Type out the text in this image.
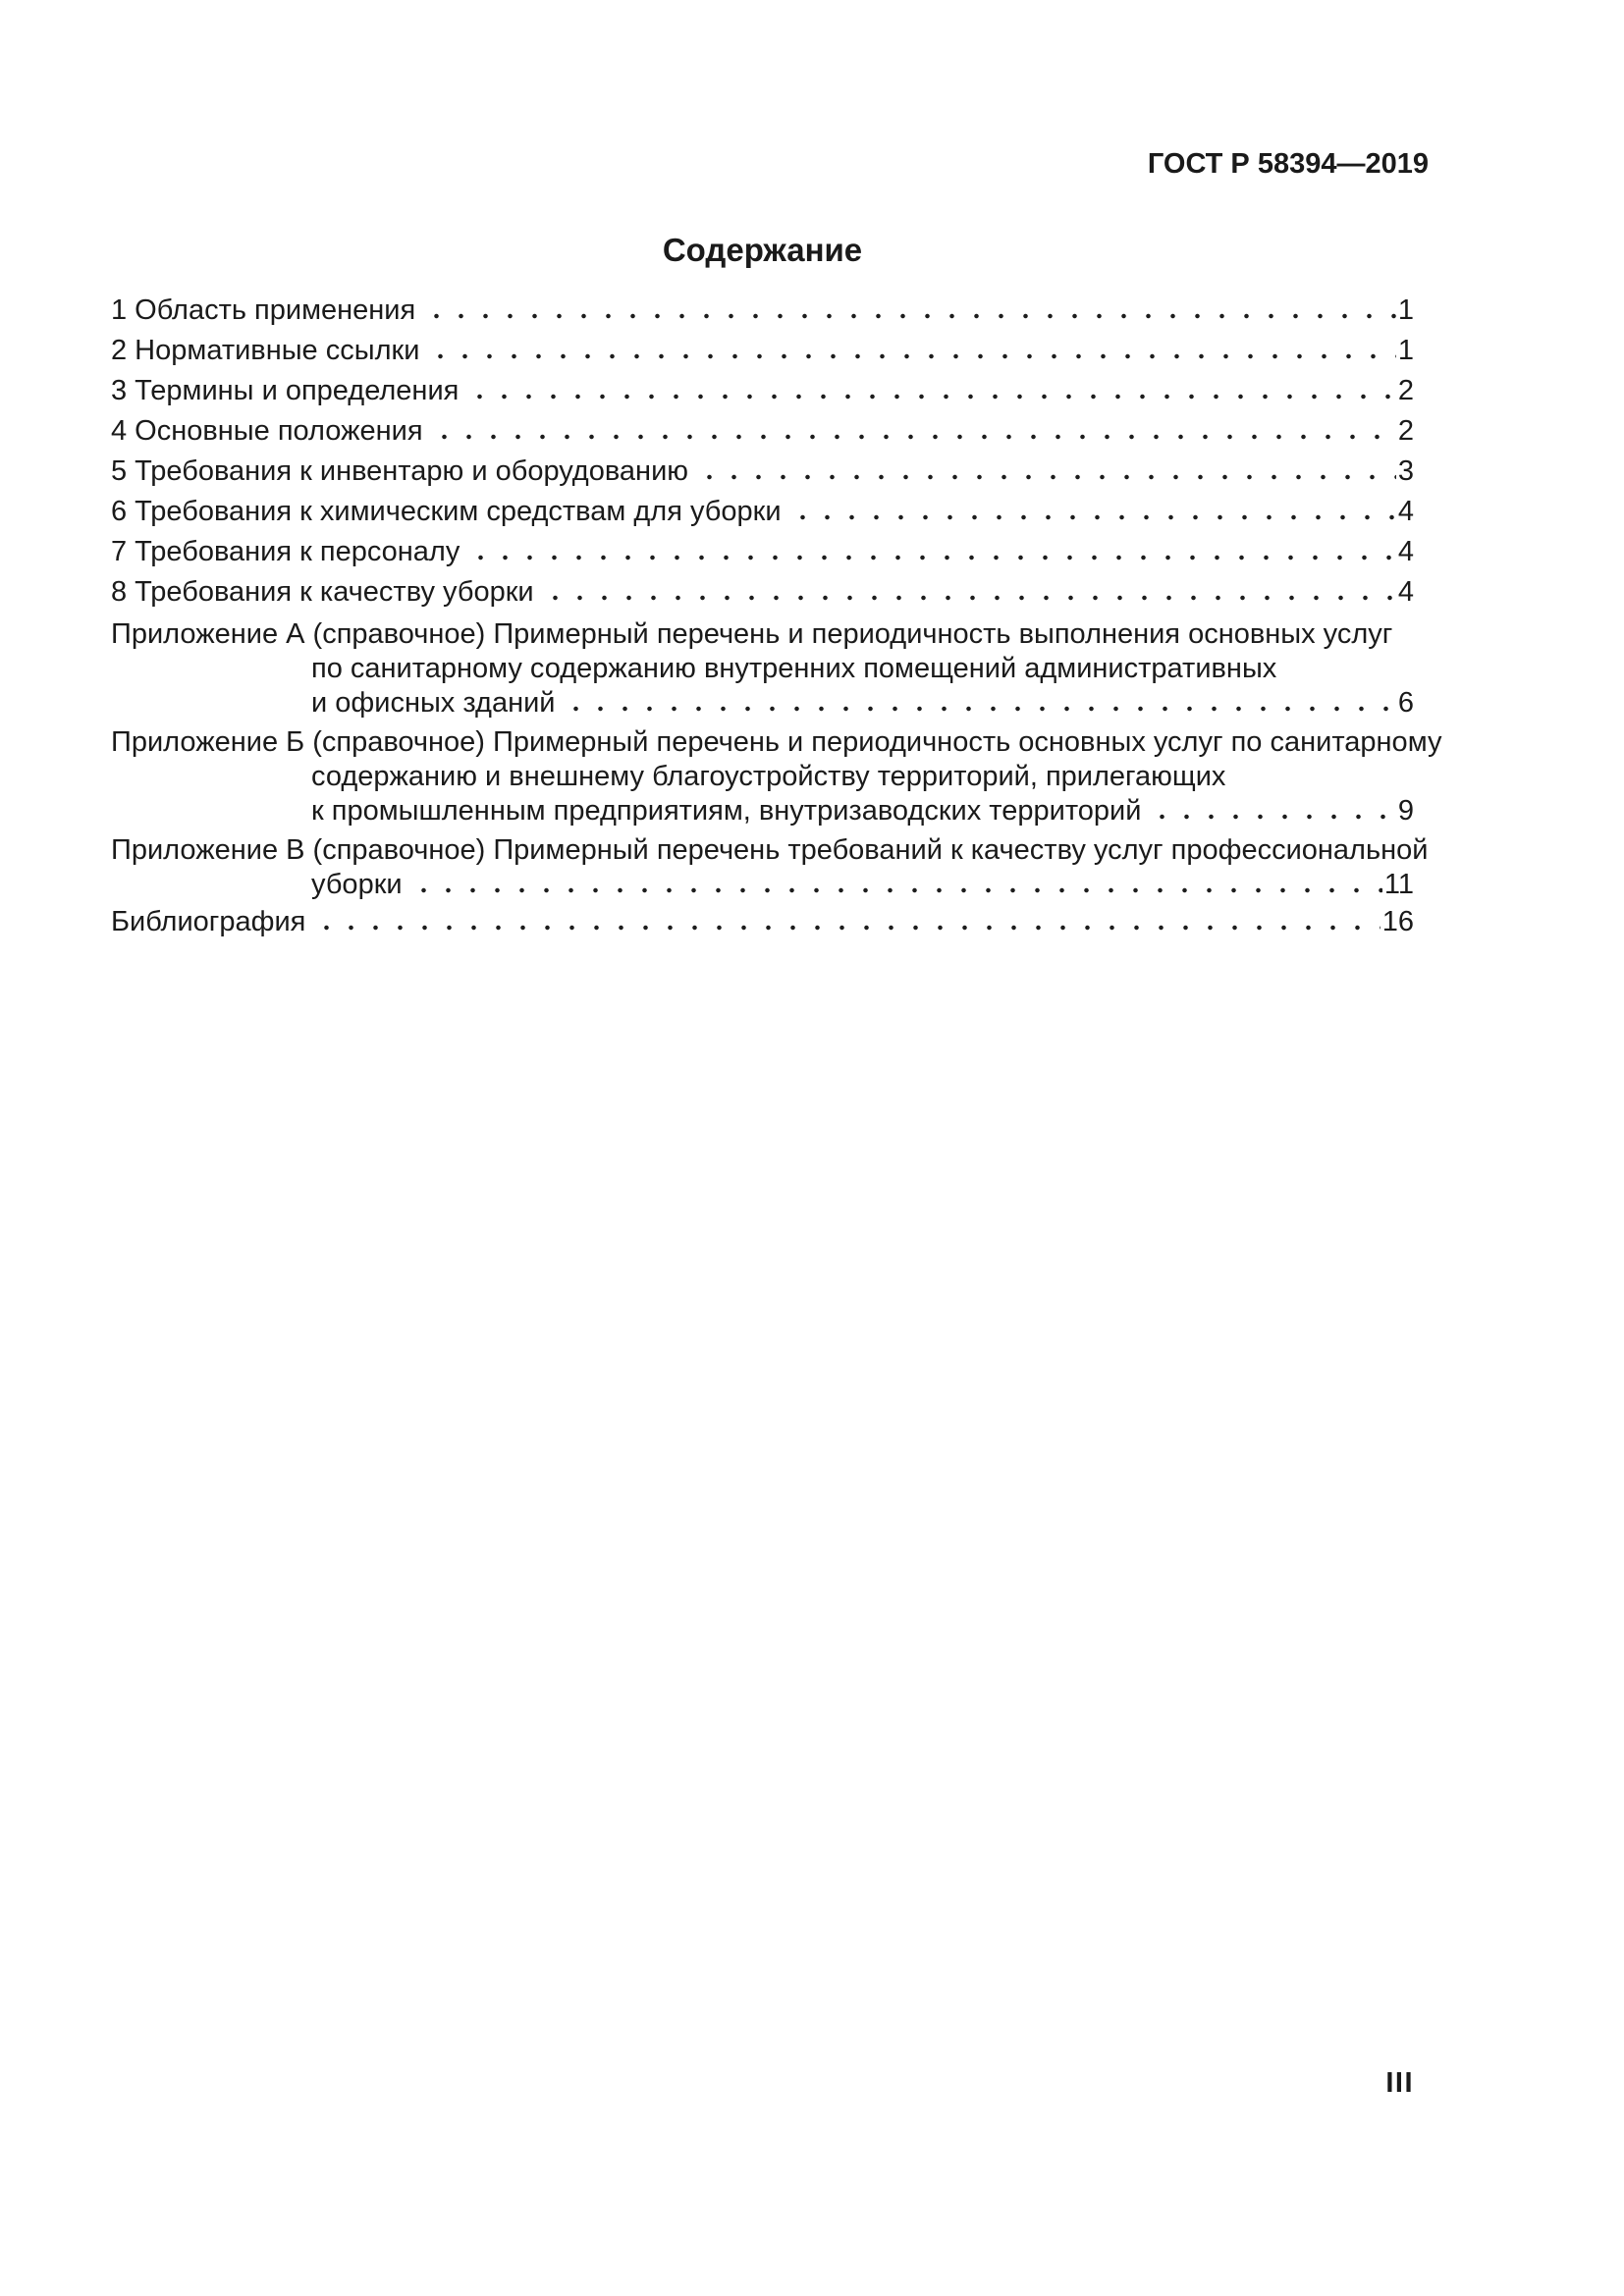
ГОСТ Р 58394—2019
Содержание
1 Область применения	1
2 Нормативные ссылки	1
3 Термины и определения	2
4 Основные положения	2
5 Требования к инвентарю и оборудованию	3
6 Требования к химическим средствам для уборки	4
7 Требования к персоналу	4
8 Требования к качеству уборки	4
Приложение А (справочное) Примерный перечень и периодичность выполнения основных услуг
по санитарному содержанию внутренних помещений административных
и офисных зданий	6
Приложение Б (справочное) Примерный перечень и периодичность основных услуг по санитарному
содержанию и внешнему благоустройству территорий, прилегающих
к промышленным предприятиям, внутризаводских территорий	9
Приложение В (справочное) Примерный перечень требований к качеству услуг профессиональной
уборки	11
Библиография	16
III
